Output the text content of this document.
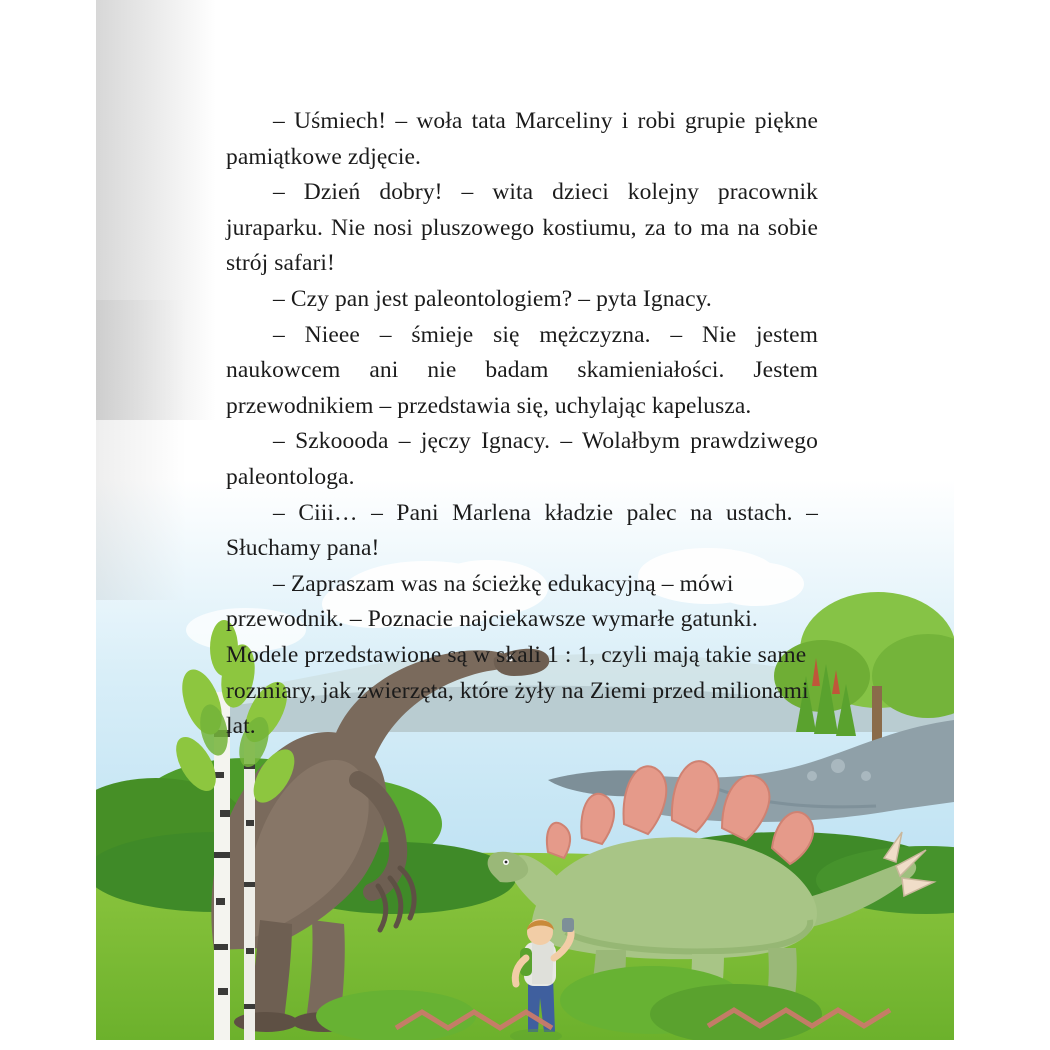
– Uśmiech! – woła tata Marceliny i robi grupie piękne pamiątkowe zdjęcie.

– Dzień dobry! – wita dzieci kolejny pracownik juraparku. Nie nosi pluszowego kostiumu, za to ma na sobie strój safari!

– Czy pan jest paleontologiem? – pyta Ignacy.

– Nieee – śmieje się mężczyzna. – Nie jestem naukowcem ani nie badam skamieniałości. Jestem przewodnikiem – przedstawia się, uchylając kapelusza.

– Szkoooda – jęczy Ignacy. – Wolałbym prawdziwego paleontologa.

– Ciii… – Pani Marlena kładzie palec na ustach. – Słuchamy pana!

– Zapraszam was na ścieżkę edukacyjną – mówi przewodnik. – Poznacie najciekawsze wymarłe gatunki. Modele przedstawione są w skali 1 : 1, czyli mają takie same rozmiary, jak zwierzęta, które żyły na Ziemi przed milionami lat.
